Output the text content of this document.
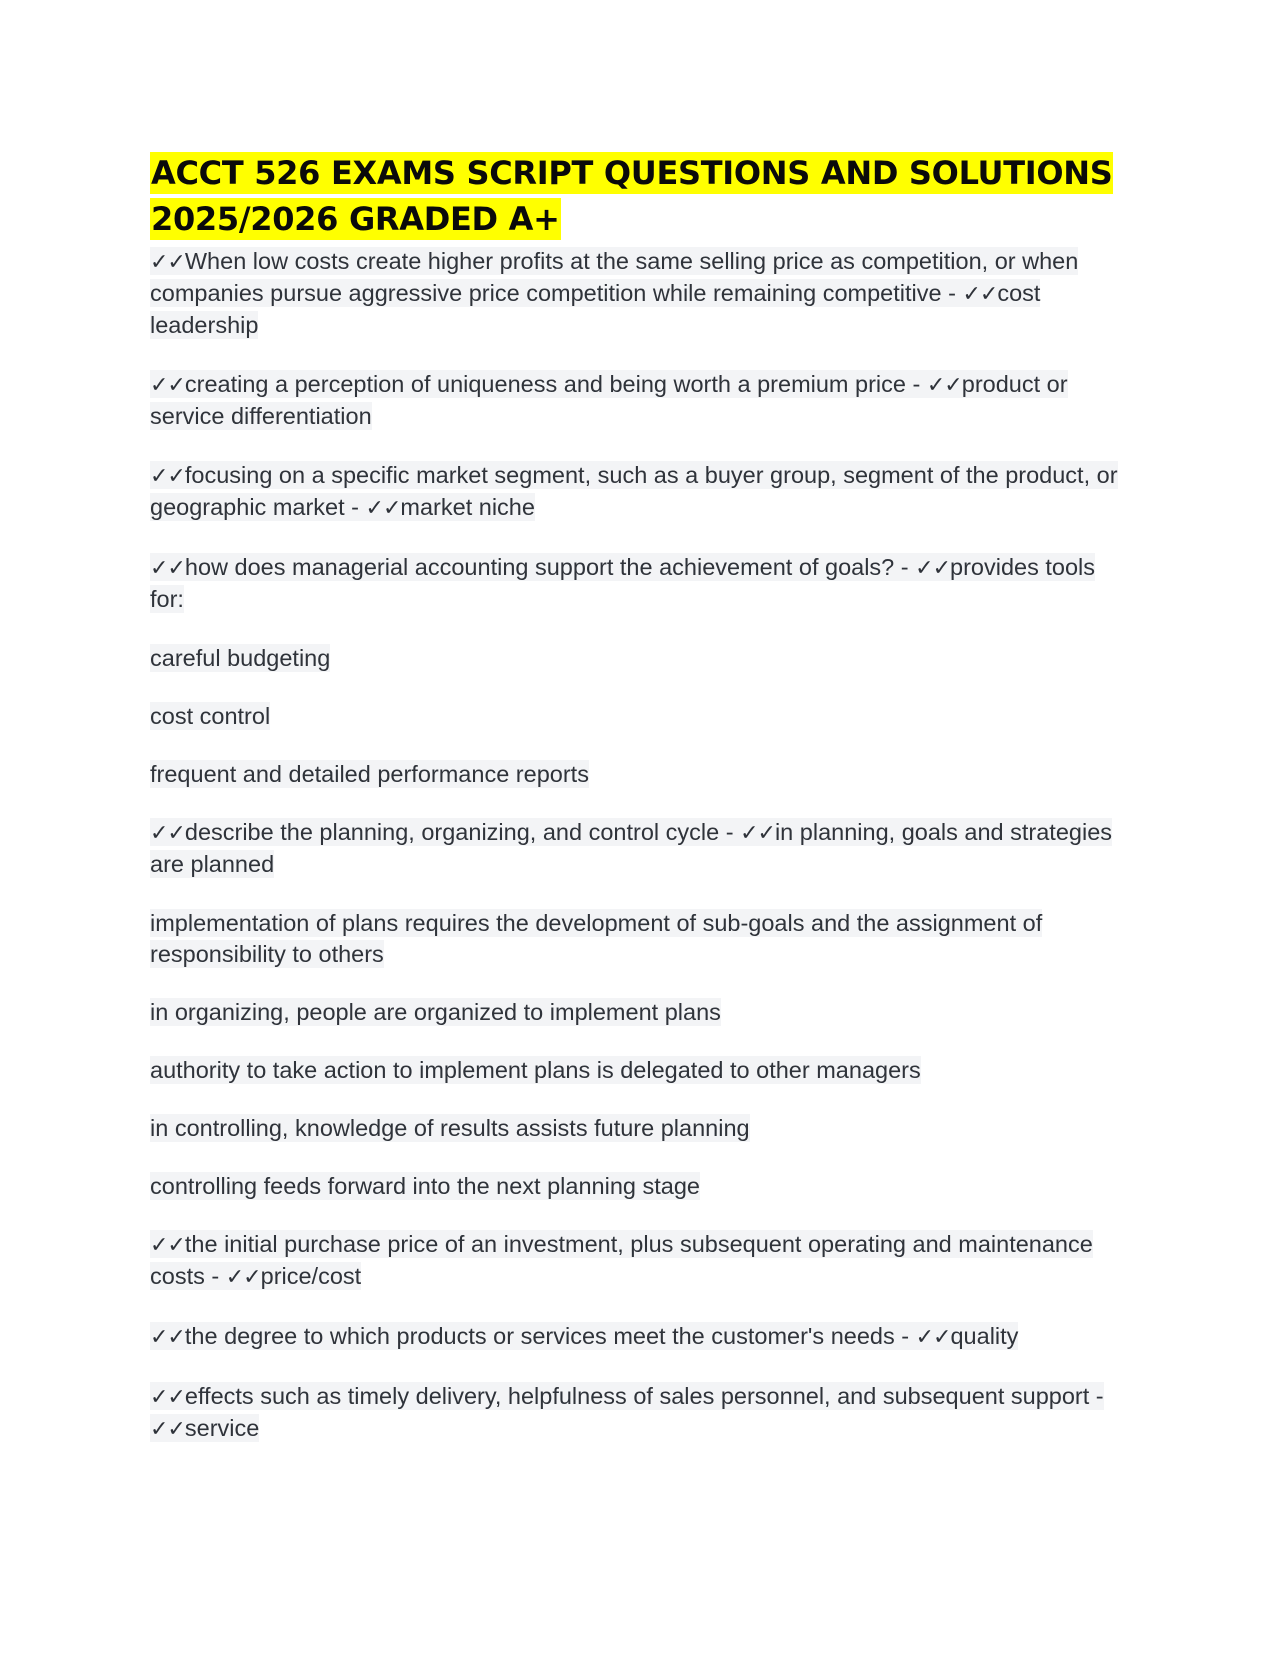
ACCT 526 EXAMS SCRIPT QUESTIONS AND SOLUTIONS 2025/2026 GRADED A+

✓✓When low costs create higher profits at the same selling price as competition, or when companies pursue aggressive price competition while remaining competitive - ✓✓cost leadership

✓✓creating a perception of uniqueness and being worth a premium price - ✓✓product or service differentiation

✓✓focusing on a specific market segment, such as a buyer group, segment of the product, or geographic market - ✓✓market niche

✓✓how does managerial accounting support the achievement of goals? - ✓✓provides tools for:

careful budgeting

cost control

frequent and detailed performance reports

✓✓describe the planning, organizing, and control cycle - ✓✓in planning, goals and strategies are planned

implementation of plans requires the development of sub-goals and the assignment of responsibility to others

in organizing, people are organized to implement plans

authority to take action to implement plans is delegated to other managers

in controlling, knowledge of results assists future planning

controlling feeds forward into the next planning stage

✓✓the initial purchase price of an investment, plus subsequent operating and maintenance costs - ✓✓price/cost

✓✓the degree to which products or services meet the customer's needs - ✓✓quality

✓✓effects such as timely delivery, helpfulness of sales personnel, and subsequent support - ✓✓service
